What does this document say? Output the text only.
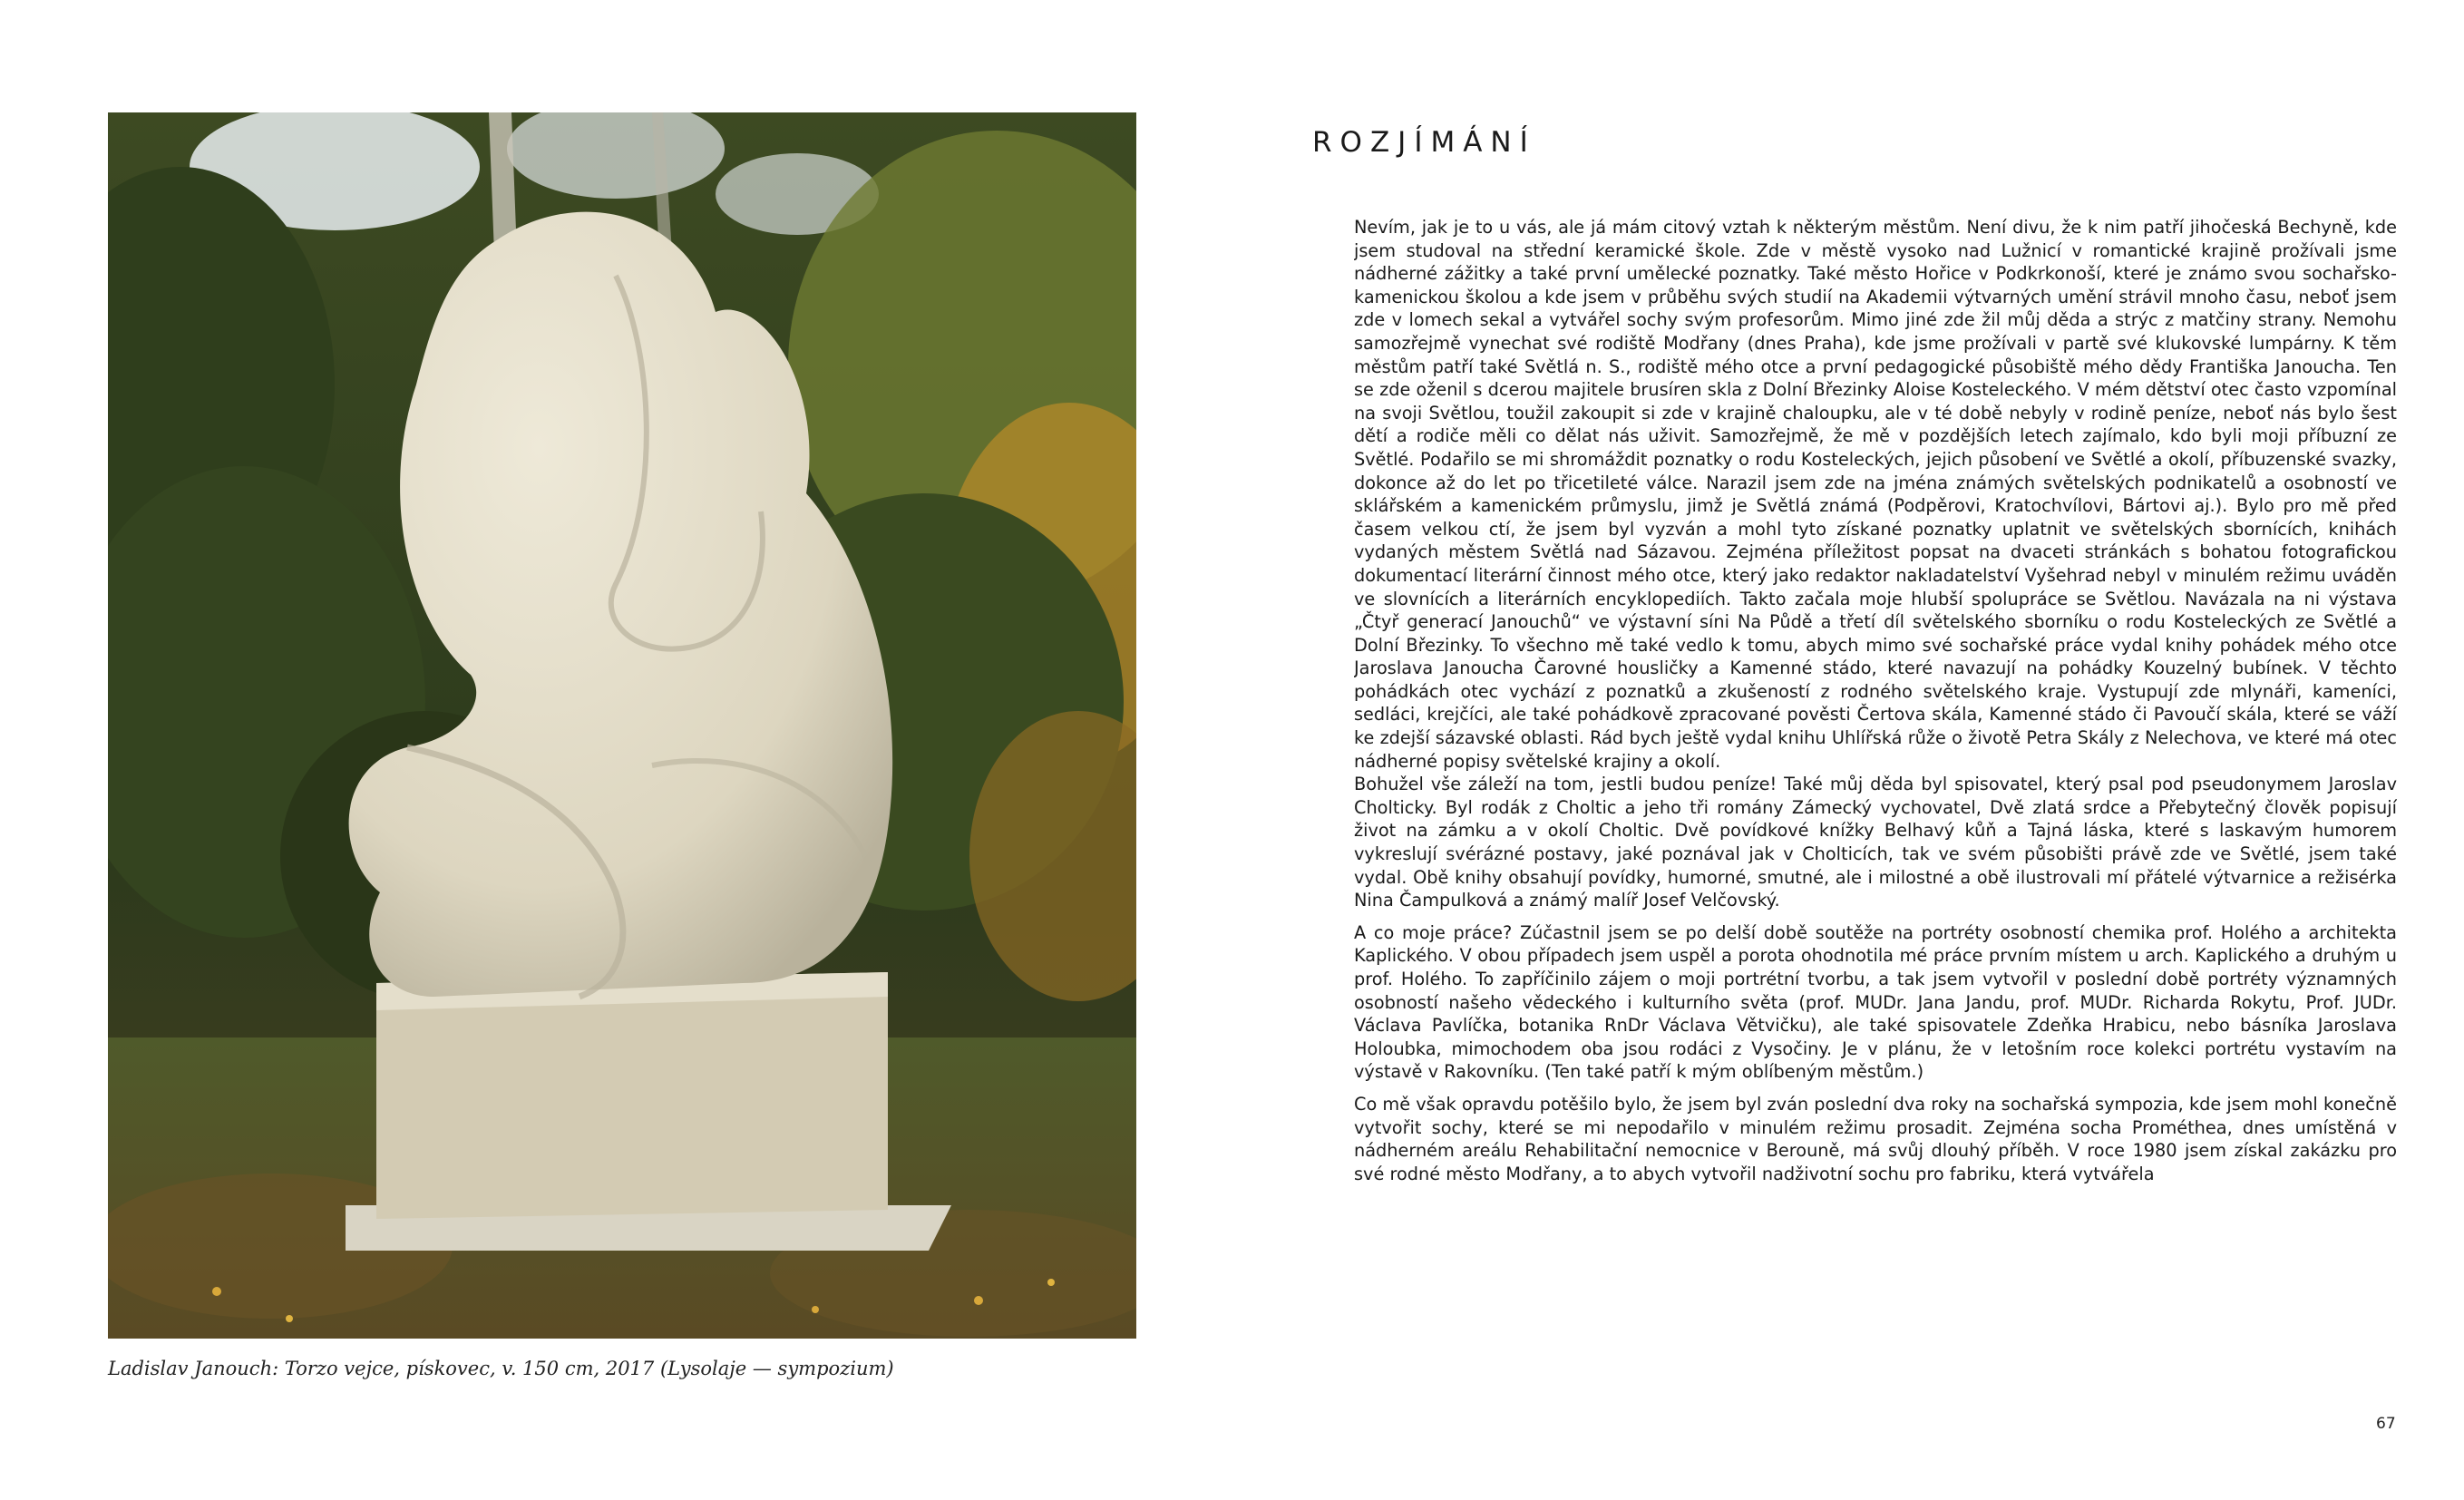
Ladislav Janouch: Torzo vejce, pískovec, v. 150 cm, 2017 (Lysolaje — sympozium)
ROZJÍMÁNÍ

Nevím, jak je to u vás, ale já mám citový vztah k některým městům. Není divu, že k nim patří jihočeská Bechyně, kde jsem studoval na střední keramické škole. Zde v městě vysoko nad Lužnicí v romantické krajině prožívali jsme nádherné zážitky a také první umělecké poznatky. Také město Hořice v Podkrkonoší, které je známo svou sochařsko-kamenickou školou a kde jsem v průběhu svých studií na Akademii výtvarných umění strávil mnoho času, neboť jsem zde v lomech sekal a vytvářel sochy svým profesorům. Mimo jiné zde žil můj děda a strýc z matčiny strany. Nemohu samozřejmě vynechat své rodiště Modřany (dnes Praha), kde jsme prožívali v partě své klukovské lumpárny. K těm městům patří také Světlá n. S., rodiště mého otce a první pedagogické působiště mého dědy Františka Janoucha. Ten se zde oženil s dcerou majitele brusíren skla z Dolní Březinky Aloise Kosteleckého. V mém dětství otec často vzpomínal na svoji Světlou, toužil zakoupit si zde v krajině chaloupku, ale v té době nebyly v rodině peníze, neboť nás bylo šest dětí a rodiče měli co dělat nás uživit. Samozřejmě, že mě v pozdějších letech zajímalo, kdo byli moji příbuzní ze Světlé. Podařilo se mi shromáždit poznatky o rodu Kosteleckých, jejich působení ve Světlé a okolí, příbuzenské svazky, dokonce až do let po třicetileté válce. Narazil jsem zde na jména známých světelských podnikatelů a osobností ve sklářském a kamenickém průmyslu, jimž je Světlá známá (Podpěrovi, Kratochvílovi, Bártovi aj.). Bylo pro mě před časem velkou ctí, že jsem byl vyzván a mohl tyto získané poznatky uplatnit ve světelských sbornících, knihách vydaných městem Světlá nad Sázavou. Zejména příležitost popsat na dvaceti stránkách s bohatou fotografickou dokumentací literární činnost mého otce, který jako redaktor nakladatelství Vyšehrad nebyl v minulém režimu uváděn ve slovnících a literárních encyklopediích. Takto začala moje hlubší spolupráce se Světlou. Navázala na ni výstava „Čtyř generací Janouchů“ ve výstavní síni Na Půdě a třetí díl světelského sborníku o rodu Kosteleckých ze Světlé a Dolní Březinky. To všechno mě také vedlo k tomu, abych mimo své sochařské práce vydal knihy pohádek mého otce Jaroslava Janoucha Čarovné housličky a Kamenné stádo, které navazují na pohádky Kouzelný bubínek. V těchto pohádkách otec vychází z poznatků a zkušeností z rodného světelského kraje. Vystupují zde mlynáři, kameníci, sedláci, krejčíci, ale také pohádkově zpracované pověsti Čertova skála, Kamenné stádo či Pavoučí skála, které se váží ke zdejší sázavské oblasti. Rád bych ještě vydal knihu Uhlířská růže o životě Petra Skály z Nelechova, ve které má otec nádherné popisy světelské krajiny a okolí.

Bohužel vše záleží na tom, jestli budou peníze! Také můj děda byl spisovatel, který psal pod pseudonymem Jaroslav Cholticky. Byl rodák z Choltic a jeho tři romány Zámecký vychovatel, Dvě zlatá srdce a Přebytečný člověk popisují život na zámku a v okolí Choltic. Dvě povídkové knížky Belhavý kůň a Tajná láska, které s laskavým humorem vykreslují svérázné postavy, jaké poznával jak v Cholticích, tak ve svém působišti právě zde ve Světlé, jsem také vydal. Obě knihy obsahují povídky, humorné, smutné, ale i milostné a obě ilustrovali mí přátelé výtvarnice a režisérka Nina Čampulková a známý malíř Josef Velčovský.

A co moje práce? Zúčastnil jsem se po delší době soutěže na portréty osobností chemika prof. Holého a architekta Kaplického. V obou případech jsem uspěl a porota ohodnotila mé práce prvním místem u arch. Kaplického a druhým u prof. Holého. To zapříčinilo zájem o moji portrétní tvorbu, a tak jsem vytvořil v poslední době portréty významných osobností našeho vědeckého i kulturního světa (prof. MUDr. Jana Jandu, prof. MUDr. Richarda Rokytu, Prof. JUDr. Václava Pavlíčka, botanika RnDr Václava Větvičku), ale také spisovatele Zdeňka Hrabicu, nebo básníka Jaroslava Holoubka, mimochodem oba jsou rodáci z Vysočiny. Je v plánu, že v letošním roce kolekci portrétu vystavím na výstavě v Rakovníku. (Ten také patří k mým oblíbeným městům.)

Co mě však opravdu potěšilo bylo, že jsem byl zván poslední dva roky na sochařská sympozia, kde jsem mohl konečně vytvořit sochy, které se mi nepodařilo v minulém režimu prosadit. Zejména socha Prométhea, dnes umístěná v nádherném areálu Rehabilitační nemocnice v Berouně, má svůj dlouhý příběh. V roce 1980 jsem získal zakázku pro své rodné město Modřany, a to abych vytvořil nadživotní sochu pro fabriku, která vytvářela

67
